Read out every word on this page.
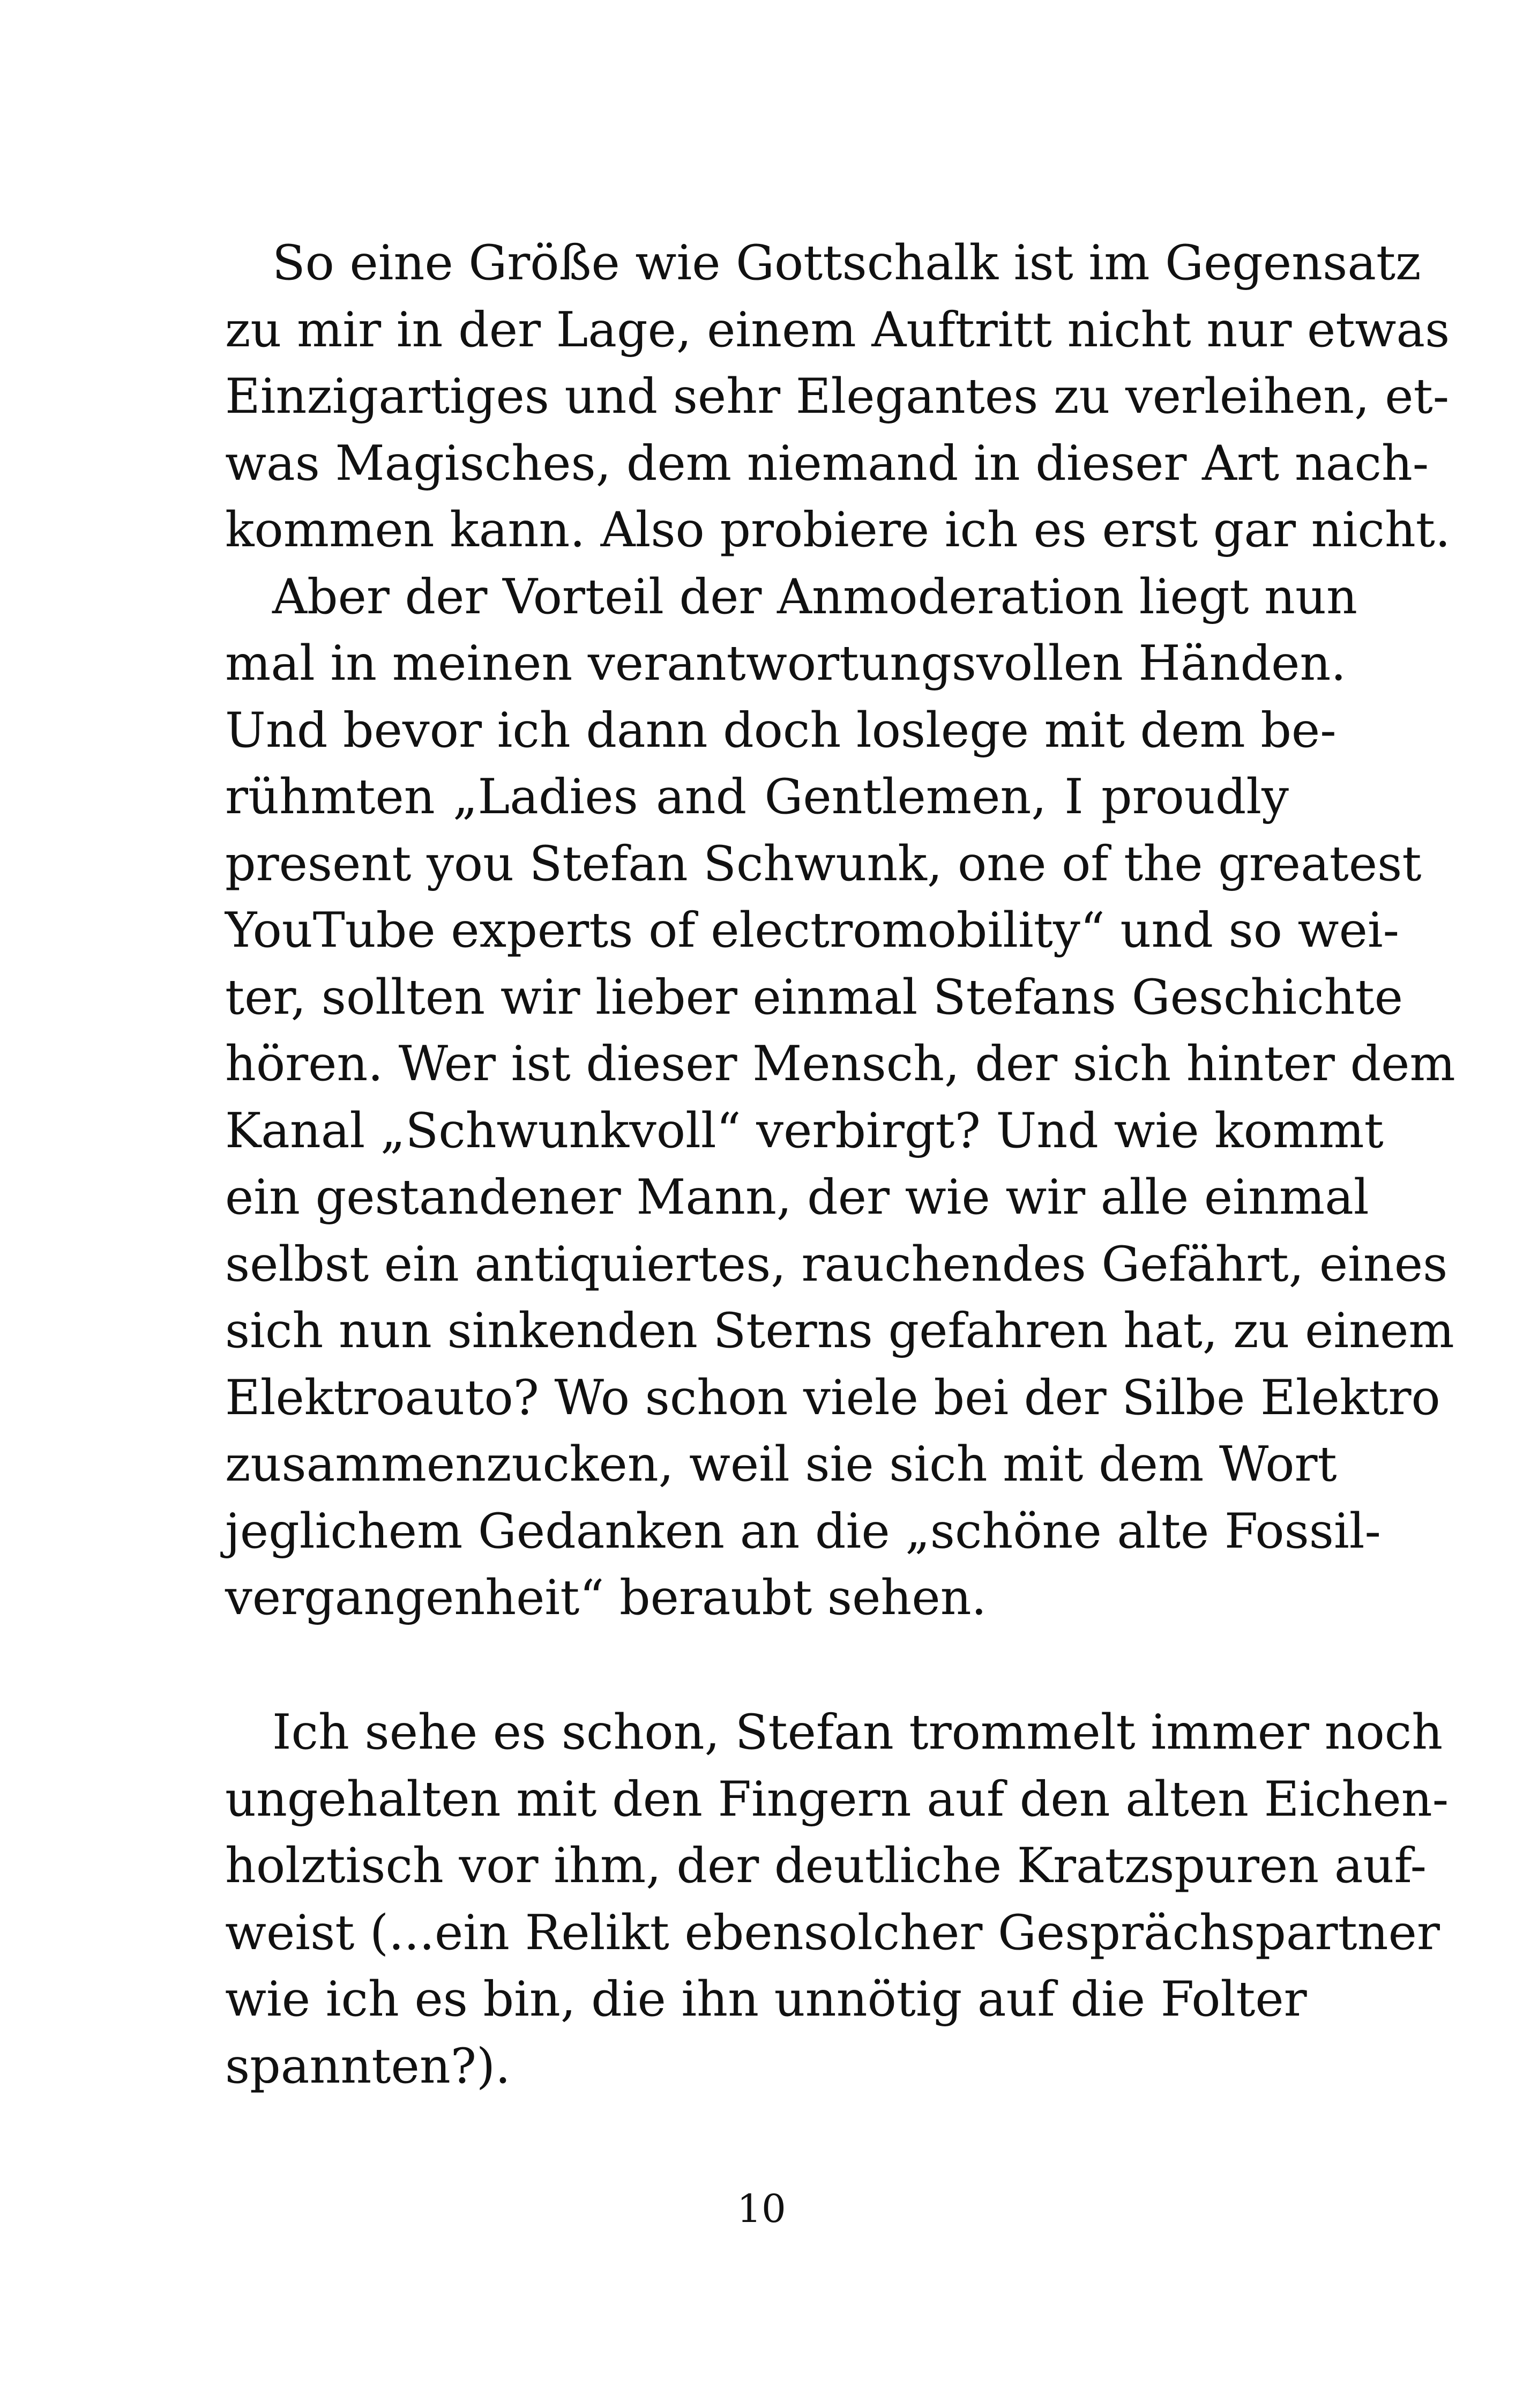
So eine Größe wie Gottschalk ist im Gegensatz
zu mir in der Lage, einem Auftritt nicht nur etwas
Einzigartiges und sehr Elegantes zu verleihen, et-
was Magisches, dem niemand in dieser Art nach-
kommen kann. Also probiere ich es erst gar nicht.
Aber der Vorteil der Anmoderation liegt nun
mal in meinen verantwortungsvollen Händen.
Und bevor ich dann doch loslege mit dem be-
rühmten „Ladies and Gentlemen, I proudly
present you Stefan Schwunk, one of the greatest
YouTube experts of electromobility“ und so wei-
ter, sollten wir lieber einmal Stefans Geschichte
hören. Wer ist dieser Mensch, der sich hinter dem
Kanal „Schwunkvoll“ verbirgt? Und wie kommt
ein gestandener Mann, der wie wir alle einmal
selbst ein antiquiertes, rauchendes Gefährt, eines
sich nun sinkenden Sterns gefahren hat, zu einem
Elektroauto? Wo schon viele bei der Silbe Elektro
zusammenzucken, weil sie sich mit dem Wort
jeglichem Gedanken an die „schöne alte Fossil-
vergangenheit“ beraubt sehen.
Ich sehe es schon, Stefan trommelt immer noch
ungehalten mit den Fingern auf den alten Eichen-
holztisch vor ihm, der deutliche Kratzspuren auf-
weist (...ein Relikt ebensolcher Gesprächspartner
wie ich es bin, die ihn unnötig auf die Folter
spannten?).
10
